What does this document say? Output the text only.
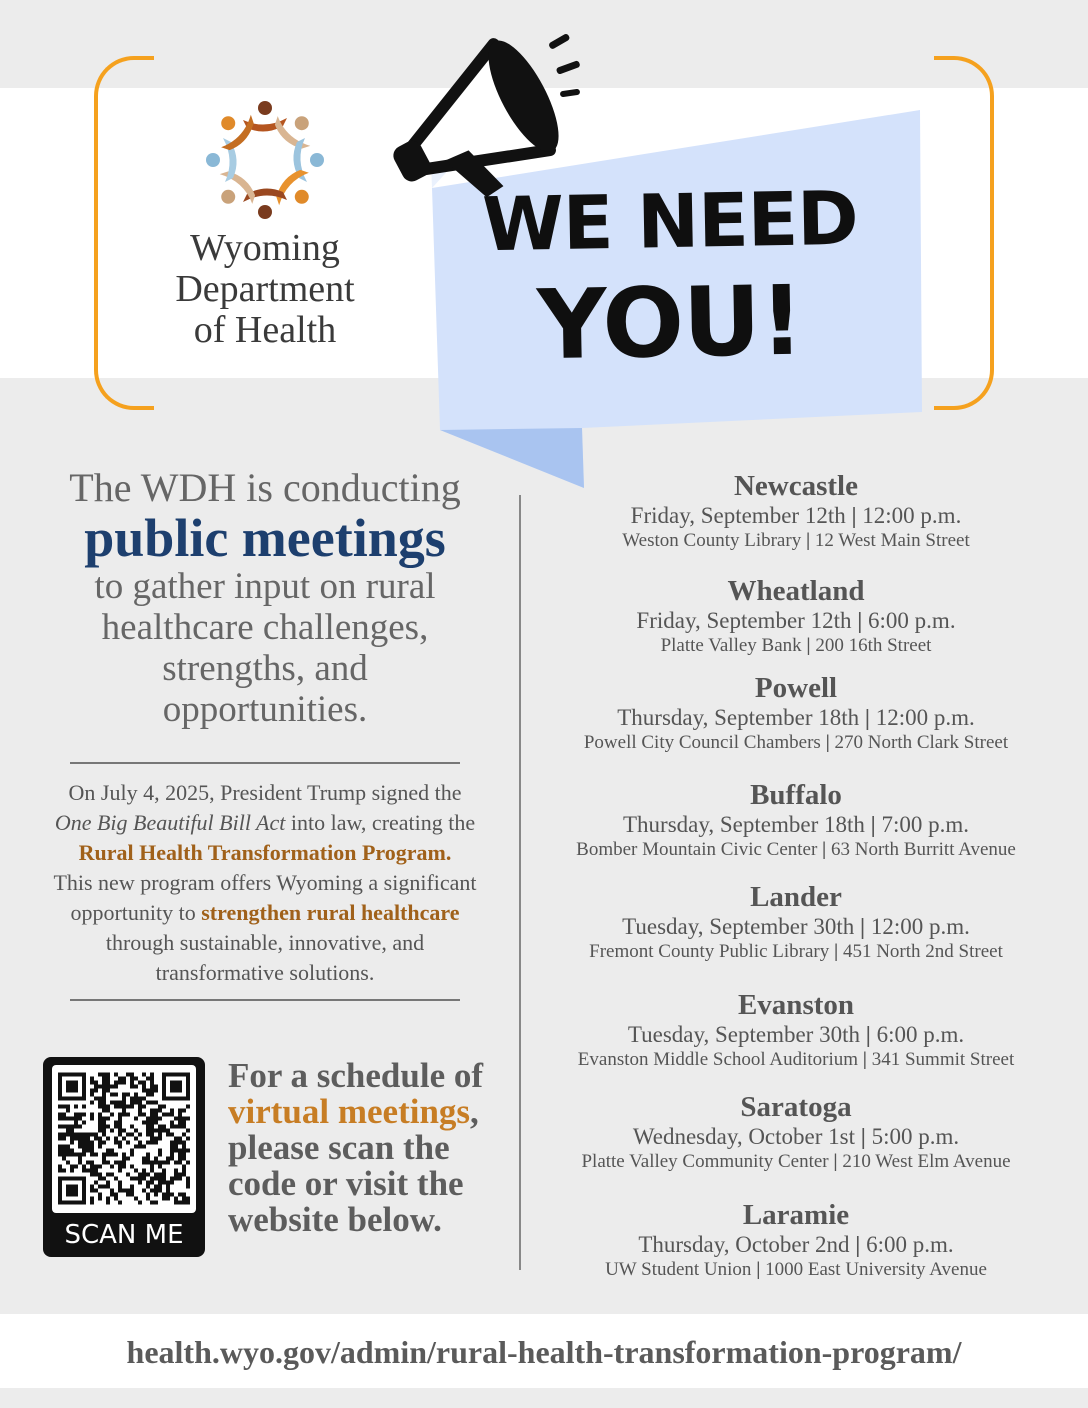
Wyoming
Department
of Health
WE NEED
YOU!
The WDH is conducting
public meetings
to gather input on rural
healthcare challenges,
strengths, and
opportunities.
On July 4, 2025, President Trump signed the
One Big Beautiful Bill Act into law, creating the
Rural Health Transformation Program.
This new program offers Wyoming a significant
opportunity to strengthen rural healthcare
through sustainable, innovative, and
transformative solutions.
SCAN ME
For a schedule of
virtual meetings,
please scan the
code or visit the
website below.
Newcastle
Friday, September 12th | 12:00 p.m.
Weston County Library | 12 West Main Street
Wheatland
Friday, September 12th | 6:00 p.m.
Platte Valley Bank | 200 16th Street
Powell
Thursday, September 18th | 12:00 p.m.
Powell City Council Chambers | 270 North Clark Street
Buffalo
Thursday, September 18th | 7:00 p.m.
Bomber Mountain Civic Center | 63 North Burritt Avenue
Lander
Tuesday, September 30th | 12:00 p.m.
Fremont County Public Library | 451 North 2nd Street
Evanston
Tuesday, September 30th | 6:00 p.m.
Evanston Middle School Auditorium | 341 Summit Street
Saratoga
Wednesday, October 1st | 5:00 p.m.
Platte Valley Community Center | 210 West Elm Avenue
Laramie
Thursday, October 2nd | 6:00 p.m.
UW Student Union | 1000 East University Avenue
health.wyo.gov/admin/rural-health-transformation-program/
